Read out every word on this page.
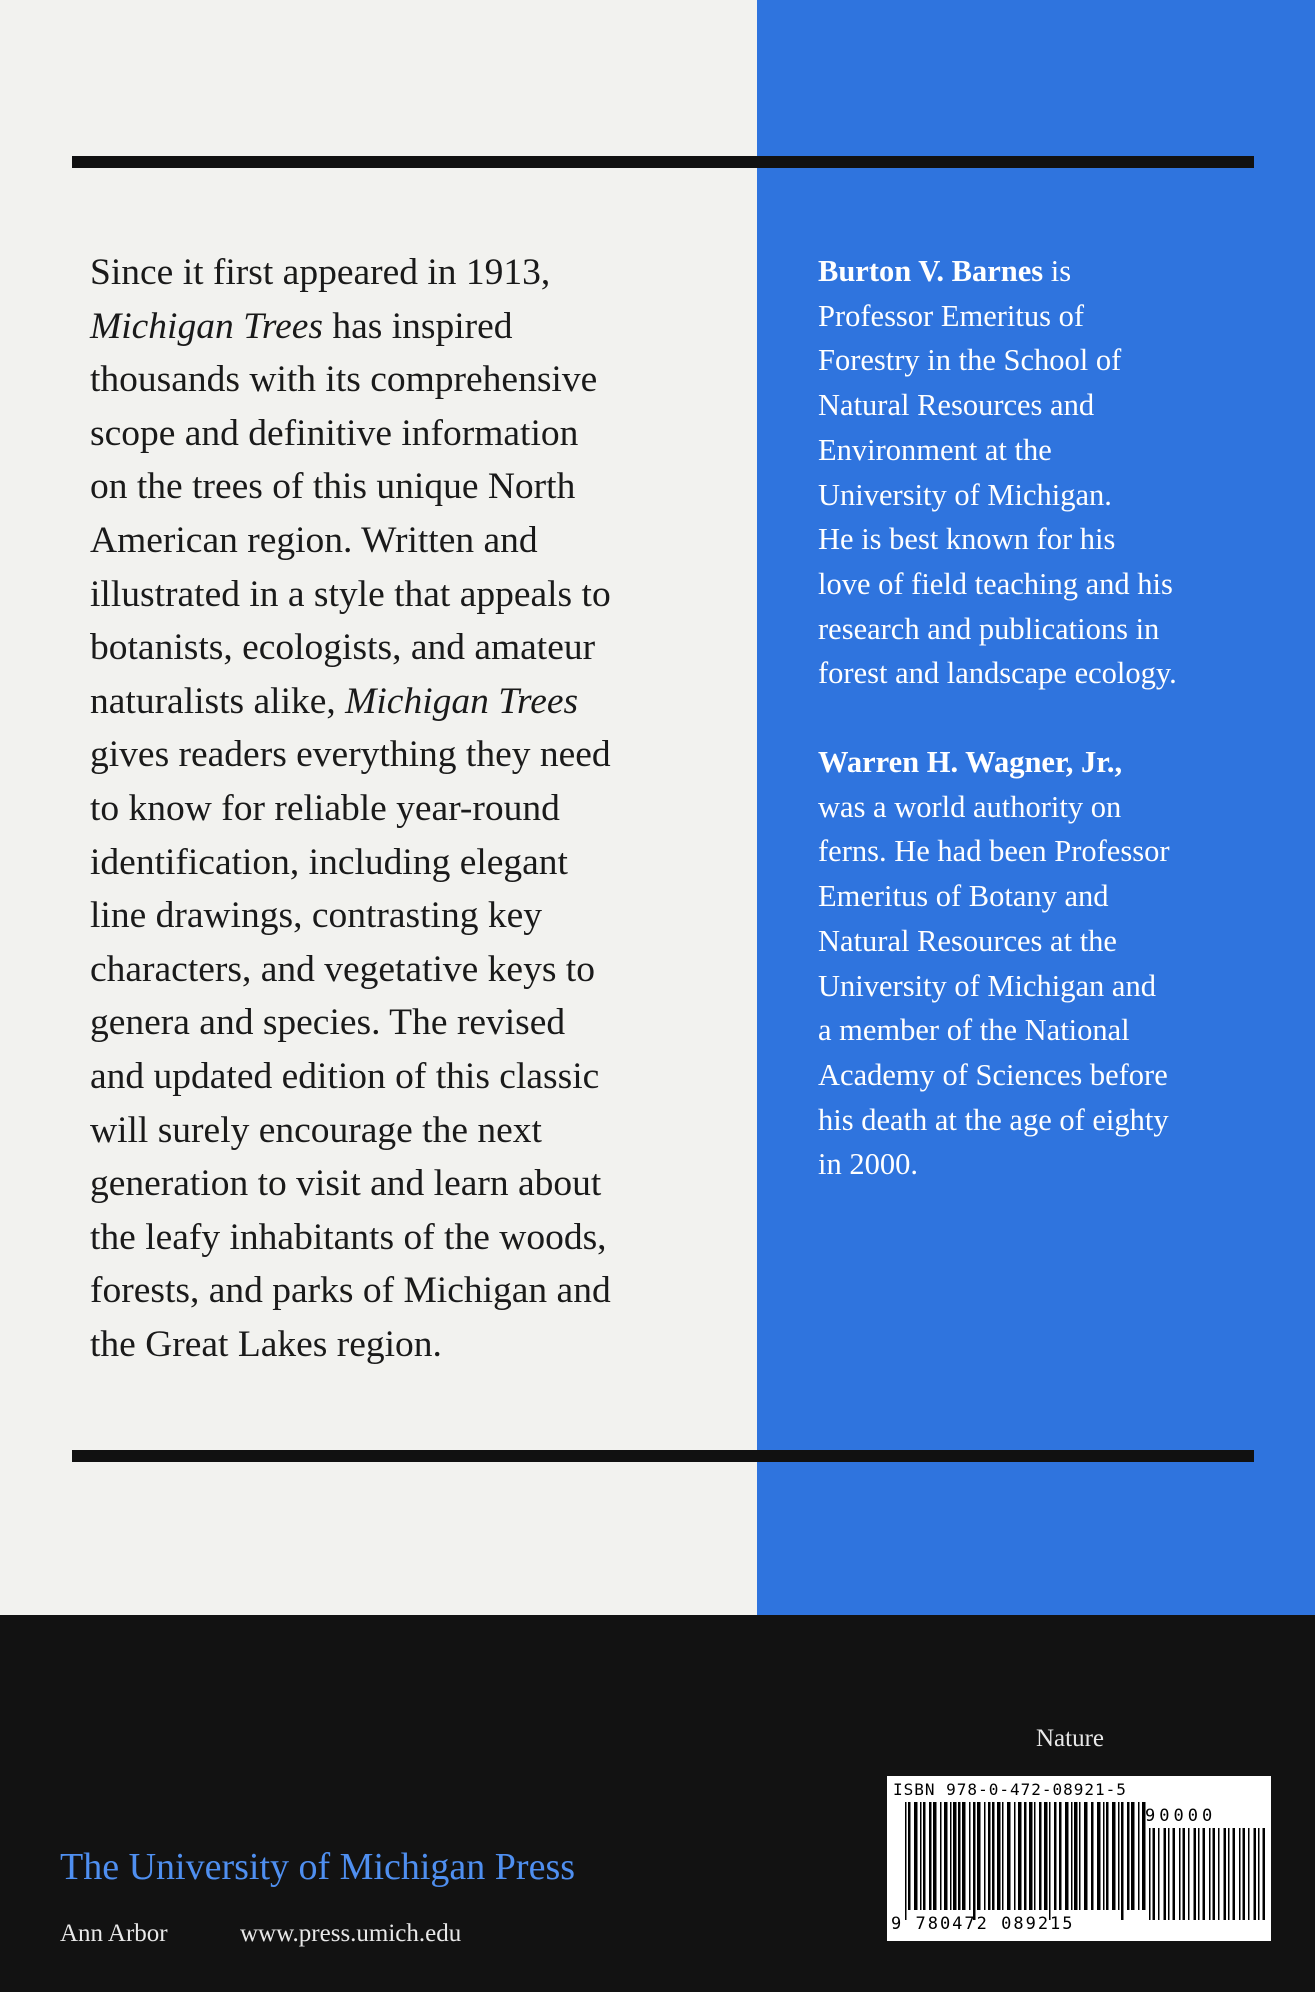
Since it first appeared in 1913,
Michigan Trees has inspired
thousands with its comprehensive
scope and definitive information
on the trees of this unique North
American region. Written and
illustrated in a style that appeals to
botanists, ecologists, and amateur
naturalists alike, Michigan Trees
gives readers everything they need
to know for reliable year-round
identification, including elegant
line drawings, contrasting key
characters, and vegetative keys to
genera and species. The revised
and updated edition of this classic
will surely encourage the next
generation to visit and learn about
the leafy inhabitants of the woods,
forests, and parks of Michigan and
the Great Lakes region.

Burton V. Barnes is
Professor Emeritus of
Forestry in the School of
Natural Resources and
Environment at the
University of Michigan.
He is best known for his
love of field teaching and his
research and publications in
forest and landscape ecology.

Warren H. Wagner, Jr.,
was a world authority on
ferns. He had been Professor
Emeritus of Botany and
Natural Resources at the
University of Michigan and
a member of the National
Academy of Sciences before
his death at the age of eighty
in 2000.

Nature
ISBN 978-0-472-08921-5
90000
9 780472 089215

The University of Michigan Press

Ann Arbor	www.press.umich.edu
